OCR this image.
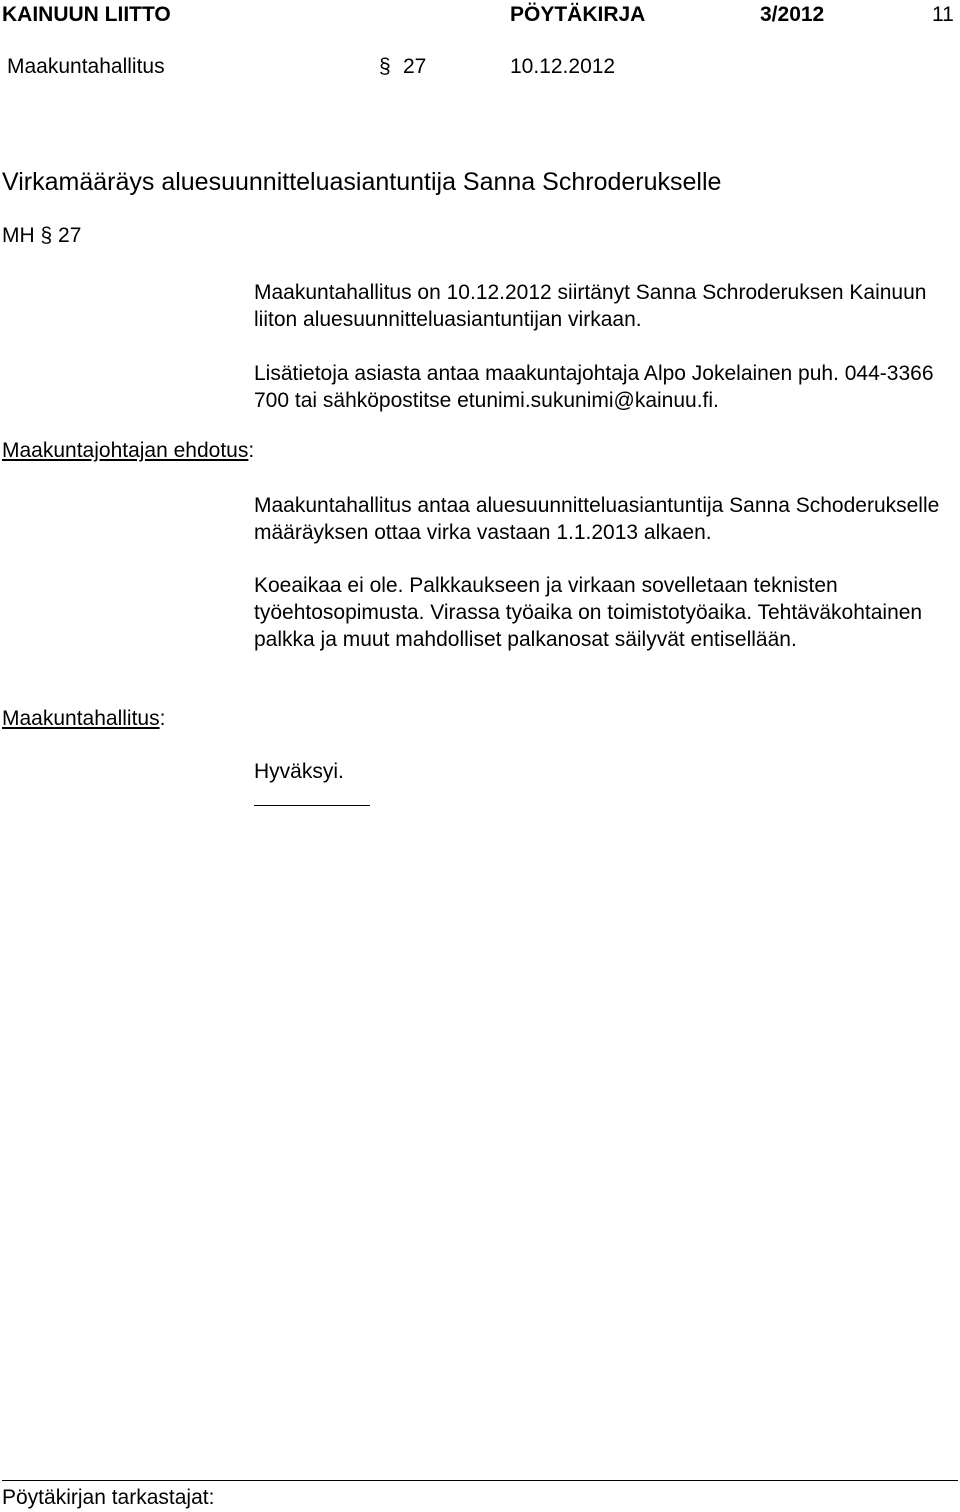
KAINUUN LIITTO	PÖYTÄKIRJA	3/2012	11
Maakuntahallitus	§ 27	10.12.2012
Virkamääräys aluesuunnitteluasiantuntija Sanna Schroderukselle
MH § 27

Maakuntahallitus on 10.12.2012 siirtänyt Sanna Schroderuksen Kainuun liiton aluesuunnitteluasiantuntijan virkaan.

Lisätietoja asiasta antaa maakuntajohtaja Alpo Jokelainen puh. 044-3366 700 tai sähköpostitse etunimi.sukunimi@kainuu.fi.

Maakuntajohtajan ehdotus:

Maakuntahallitus antaa aluesuunnitteluasiantuntija Sanna Schoderukselle määräyksen ottaa virka vastaan 1.1.2013 alkaen.

Koeaikaa ei ole. Palkkaukseen ja virkaan sovelletaan teknisten työehtosopimusta. Virassa työaika on toimistotyöaika. Tehtäväkohtainen palkka ja muut mahdolliset palkanosat säilyvät entisellään.

Maakuntahallitus:
Hyväksyi.
Pöytäkirjan tarkastajat:
